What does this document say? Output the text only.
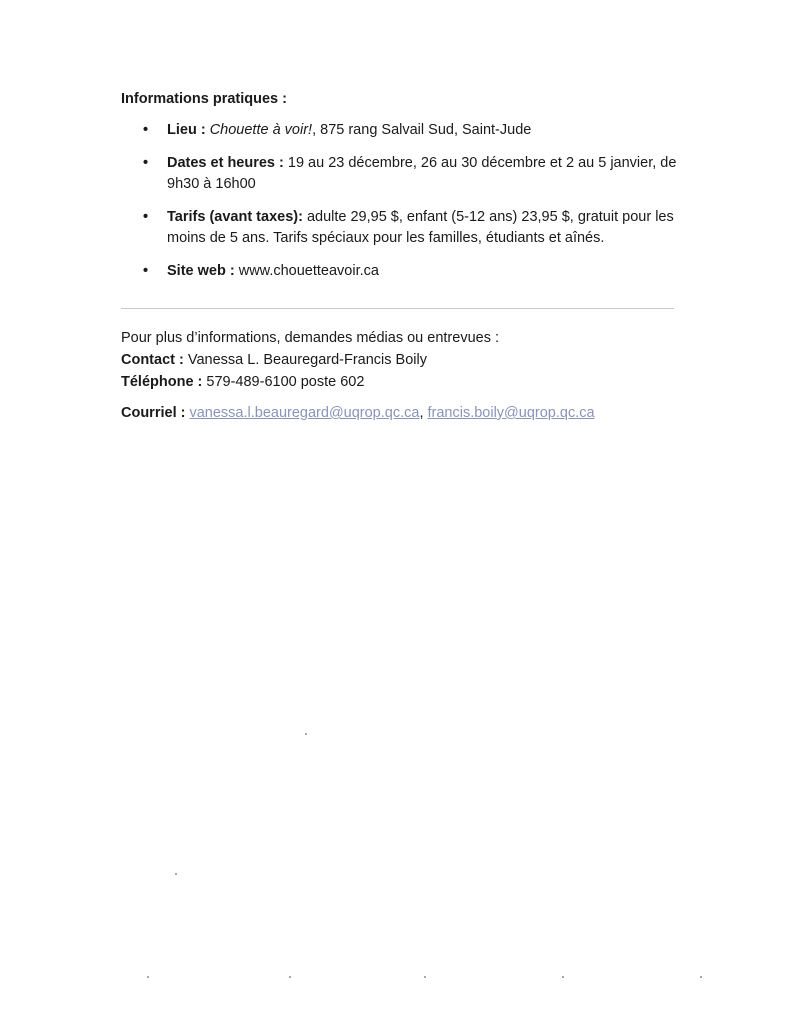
Informations pratiques :

• Lieu : Chouette à voir!, 875 rang Salvail Sud, Saint-Jude
• Dates et heures : 19 au 23 décembre, 26 au 30 décembre et 2 au 5 janvier, de 9h30 à 16h00
• Tarifs (avant taxes): adulte 29,95 $, enfant (5-12 ans) 23,95 $, gratuit pour les moins de 5 ans. Tarifs spéciaux pour les familles, étudiants et aînés.
• Site web : www.chouetteavoir.ca

Pour plus d’informations, demandes médias ou entrevues :

Contact : Vanessa L. Beauregard-Francis Boily

Téléphone : 579-489-6100 poste 602

Courriel : vanessa.l.beauregard@uqrop.qc.ca, francis.boily@uqrop.qc.ca
